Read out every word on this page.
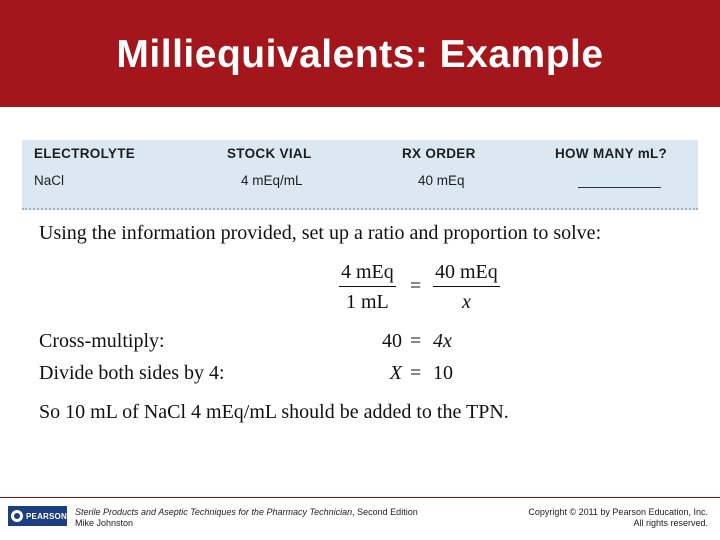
Milliequivalents: Example
ELECTROLYTE	STOCK VIAL	RX ORDER	HOW MANY mL?
NaCl	4 mEq/mL	40 mEq
Using the information provided, set up a ratio and proportion to solve:
4 mEq
1 mL
=
40 mEq
x
Cross-multiply:	40 = 4x
Divide both sides by 4:	X = 10
So 10 mL of NaCl 4 mEq/mL should be added to the TPN.
PEARSON Sterile Products and Aseptic Techniques for the Pharmacy Technician, Second Edition
Mike Johnston
Copyright © 2011 by Pearson Education, Inc.
All rights reserved.
